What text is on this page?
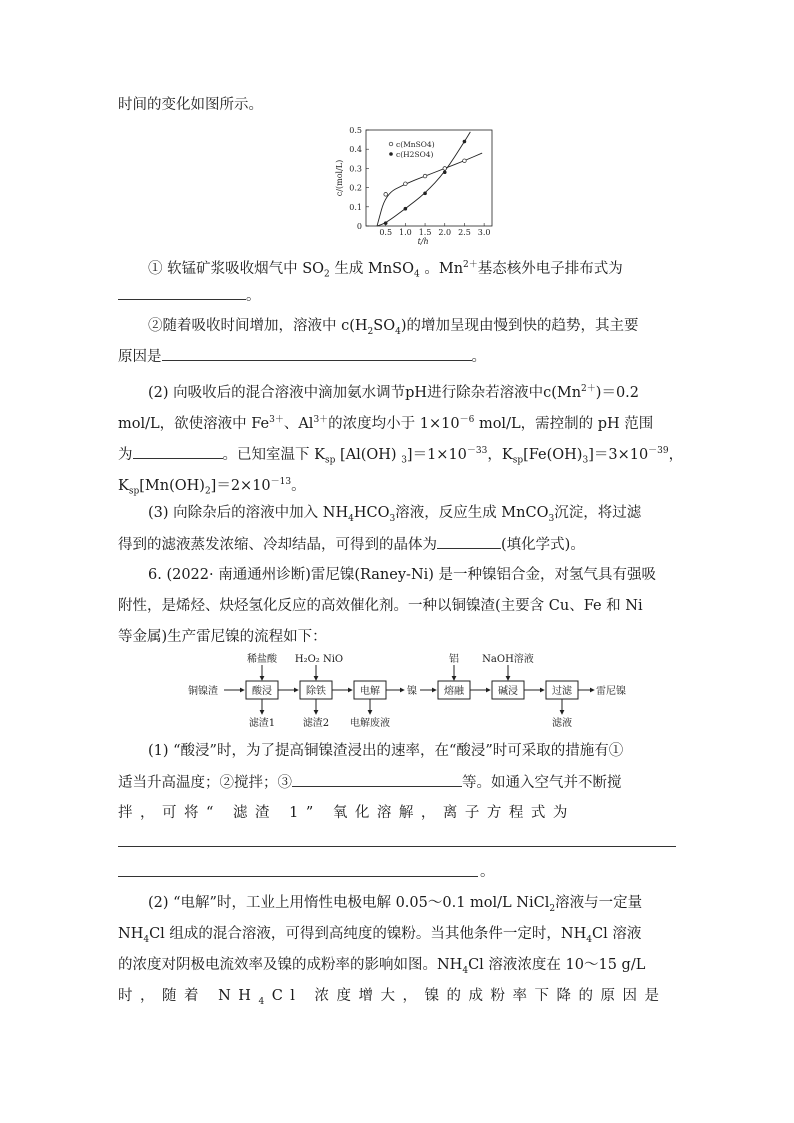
时间的变化如图所示。
0
0.1
0.2
0.3
0.4
0.5
0.5 1.0 1.5 2.0 2.5 3.0
t/h
c/(mol/L)
c(MnSO4)
c(H2SO4)
① 软锰矿浆吸收烟气中 $SO_2$ 生成 MnSO$_4$ 。$Mn^{2+}$基态核外电子排布式为
。
②随着吸收时间增加，溶液中 $c(H_2SO_4)$的增加呈现由慢到快的趋势，其主要
原因是	。
(2) 向吸收后的混合溶液中滴加氨水调节pH进行除杂若溶液中$c(Mn^{2+})=0.2$
mol/L，欲使溶液中 $Fe^{3+}$、$Al^{3+}$的浓度均小于 $1\times 10^{-6}$ mol/L，需控制的 pH 范围
为	。已知室温下 $K_{sp}$ [Al(OH) $_3]=1\times 10^{-33}$，$K_{sp}[Fe(OH)_3]=3\times 10^{-39}$，
$K_{sp}[Mn(OH)_2]=2\times 10^{-13}$。
(3) 向除杂后的溶液中加入 $NH_4HCO_3$溶液，反应生成 MnCO$_3$沉淀，将过滤
得到的滤液蒸发浓缩、冷却结晶，可得到的晶体为	(填化学式)。
6. (2022· 南通通州诊断)雷尼镍(Raney-Ni) 是一种镍铝合金，对氢气具有强吸
附性，是烯烃、炔烃氢化反应的高效催化剂。一种以铜镍渣(主要含 Cu、Fe 和 Ni
等金属)生产雷尼镍的流程如下：
铜镍渣	酸浸	除铁	电解	镍	熔融	碱浸	过滤 雷尼镍
稀盐酸 H₂O₂ NiO	铝 NaOH溶液
滤渣1	滤渣2 电解废液	滤液
(1) “酸浸”时，为了提高铜镍渣浸出的速率，在“酸浸”时可采取的措施有①
适当升高温度；②搅拌；③	等。如通入空气并不断搅
拌，可将“ 滤渣 1” 氧化溶解，离子方程式为
。
(2) “电解”时，工业上用惰性电极电解 0.05～0.1 mol/L NiCl$_2$溶液与一定量
$NH_4Cl$ 组成的混合溶液，可得到高纯度的镍粉。当其他条件一定时，$NH_4Cl$ 溶液
的浓度对阴极电流效率及镍的成粉率的影响如图。$NH_4Cl$ 溶液浓度在 10～15 g/L
时，随着 $NH_4Cl$ 浓度增大，镍的成粉率下降的原因是
